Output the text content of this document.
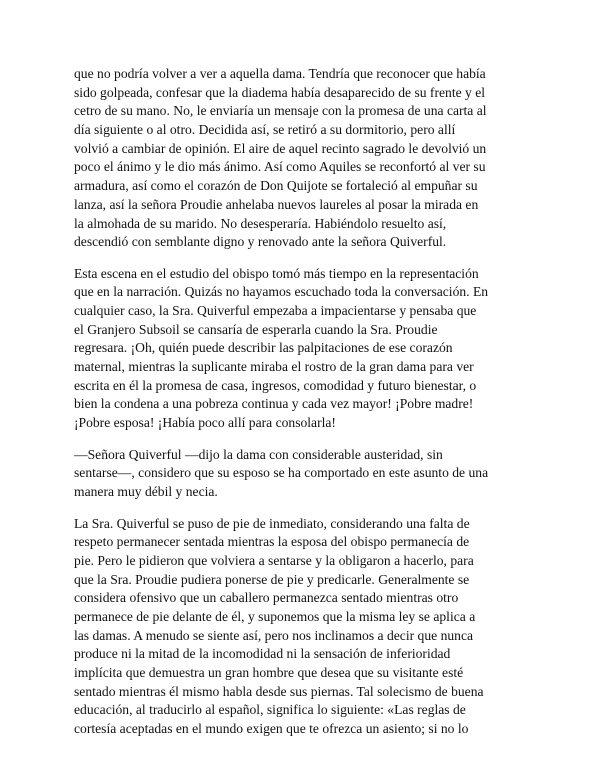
que no podría volver a ver a aquella dama. Tendría que reconocer que había
sido golpeada, confesar que la diadema había desaparecido de su frente y el
cetro de su mano. No, le enviaría un mensaje con la promesa de una carta al
día siguiente o al otro. Decidida así, se retiró a su dormitorio, pero allí
volvió a cambiar de opinión. El aire de aquel recinto sagrado le devolvió un
poco el ánimo y le dio más ánimo. Así como Aquiles se reconfortó al ver su
armadura, así como el corazón de Don Quijote se fortaleció al empuñar su
lanza, así la señora Proudie anhelaba nuevos laureles al posar la mirada en
la almohada de su marido. No desesperaría. Habiéndolo resuelto así,
descendió con semblante digno y renovado ante la señora Quiverful.
Esta escena en el estudio del obispo tomó más tiempo en la representación
que en la narración. Quizás no hayamos escuchado toda la conversación. En
cualquier caso, la Sra. Quiverful empezaba a impacientarse y pensaba que
el Granjero Subsoil se cansaría de esperarla cuando la Sra. Proudie
regresara. ¡Oh, quién puede describir las palpitaciones de ese corazón
maternal, mientras la suplicante miraba el rostro de la gran dama para ver
escrita en él la promesa de casa, ingresos, comodidad y futuro bienestar, o
bien la condena a una pobreza continua y cada vez mayor! ¡Pobre madre!
¡Pobre esposa! ¡Había poco allí para consolarla!
—Señora Quiverful —dijo la dama con considerable austeridad, sin
sentarse—, considero que su esposo se ha comportado en este asunto de una
manera muy débil y necia.
La Sra. Quiverful se puso de pie de inmediato, considerando una falta de
respeto permanecer sentada mientras la esposa del obispo permanecía de
pie. Pero le pidieron que volviera a sentarse y la obligaron a hacerlo, para
que la Sra. Proudie pudiera ponerse de pie y predicarle. Generalmente se
considera ofensivo que un caballero permanezca sentado mientras otro
permanece de pie delante de él, y suponemos que la misma ley se aplica a
las damas. A menudo se siente así, pero nos inclinamos a decir que nunca
produce ni la mitad de la incomodidad ni la sensación de inferioridad
implícita que demuestra un gran hombre que desea que su visitante esté
sentado mientras él mismo habla desde sus piernas. Tal solecismo de buena
educación, al traducirlo al español, significa lo siguiente: «Las reglas de
cortesía aceptadas en el mundo exigen que te ofrezca un asiento; si no lo
